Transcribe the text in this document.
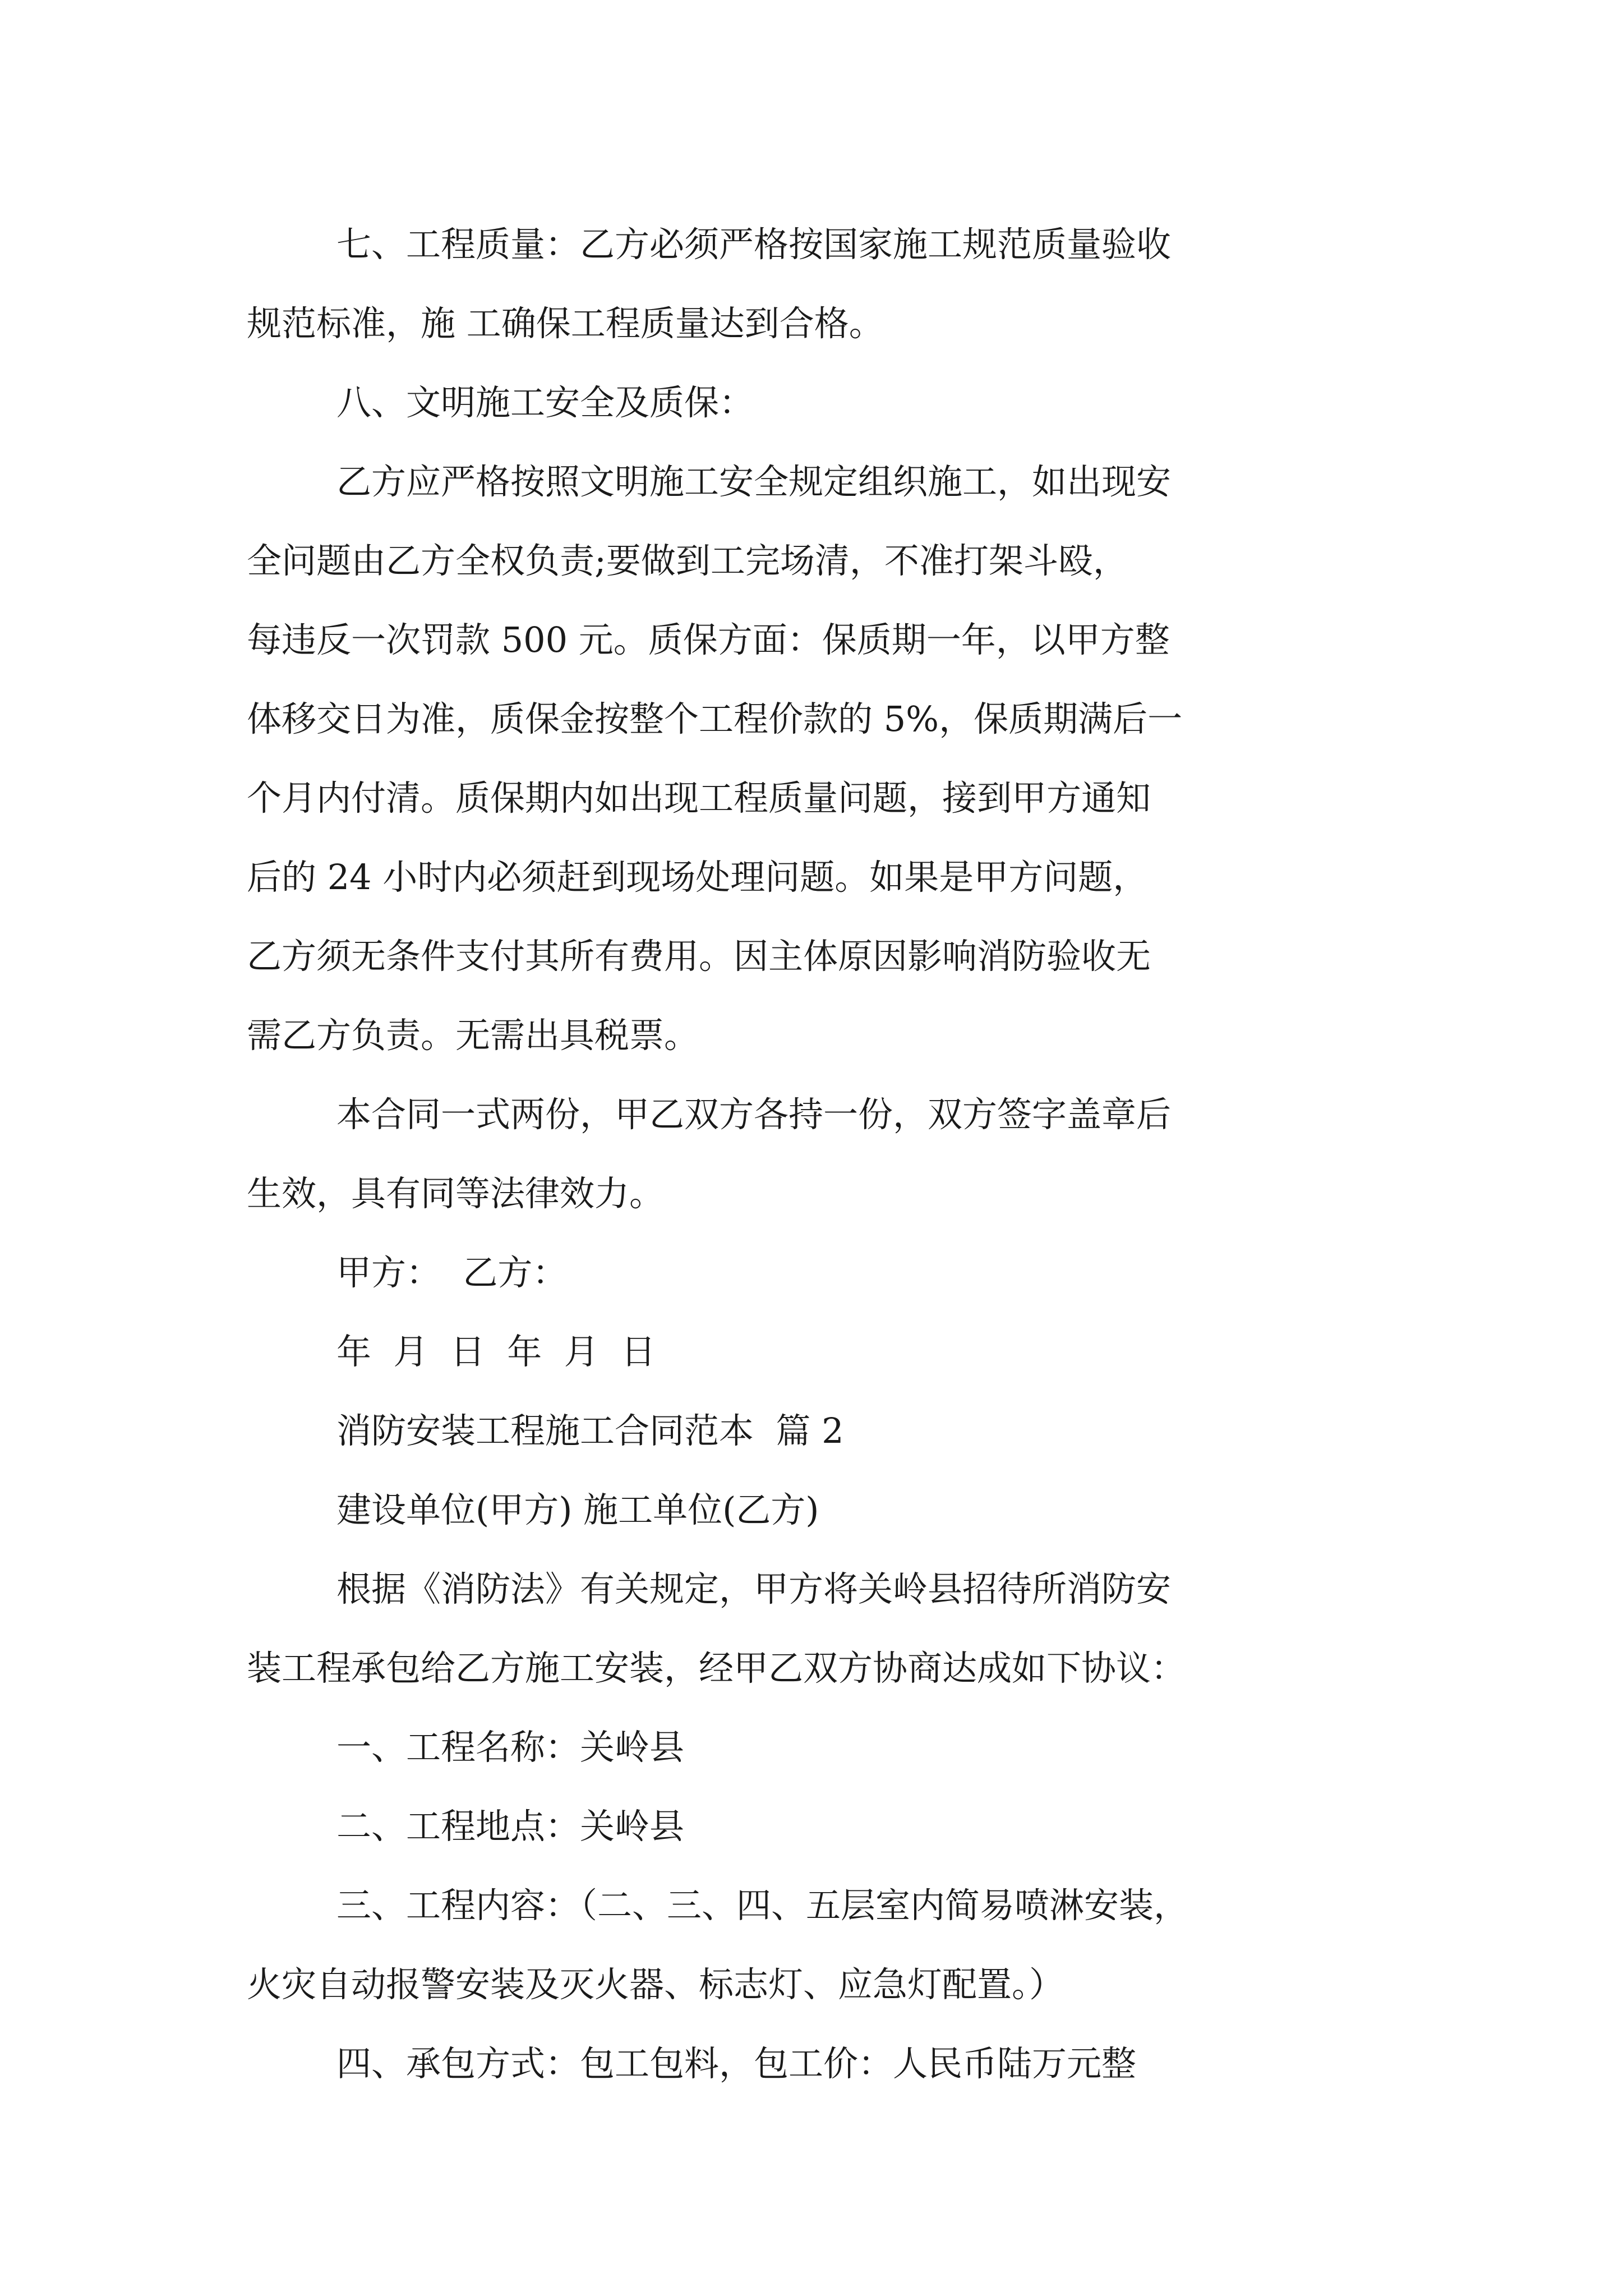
七、工程质量：乙方必须严格按国家施工规范质量验收
规范标准，施 工确保工程质量达到合格。
八、文明施工安全及质保：
乙方应严格按照文明施工安全规定组织施工，如出现安
全问题由乙方全权负责;要做到工完场清，不准打架斗殴，
每违反一次罚款 500 元。质保方面：保质期一年，以甲方整
体移交日为准，质保金按整个工程价款的 5%，保质期满后一
个月内付清。质保期内如出现工程质量问题，接到甲方通知
后的 24 小时内必须赶到现场处理问题。如果是甲方问题，
乙方须无条件支付其所有费用。因主体原因影响消防验收无
需乙方负责。无需出具税票。
本合同一式两份，甲乙双方各持一份，双方签字盖章后
生效，具有同等法律效力。
甲方：  乙方：
年  月  日  年  月  日
消防安装工程施工合同范本  篇 2
建设单位(甲方) 施工单位(乙方)
根据《消防法》有关规定，甲方将关岭县招待所消防安
装工程承包给乙方施工安装，经甲乙双方协商达成如下协议：
一、工程名称：关岭县
二、工程地点：关岭县
三、工程内容：（二、三、四、五层室内简易喷淋安装，
火灾自动报警安装及灭火器、标志灯、应急灯配置。）
四、承包方式：包工包料，包工价：人民币陆万元整
